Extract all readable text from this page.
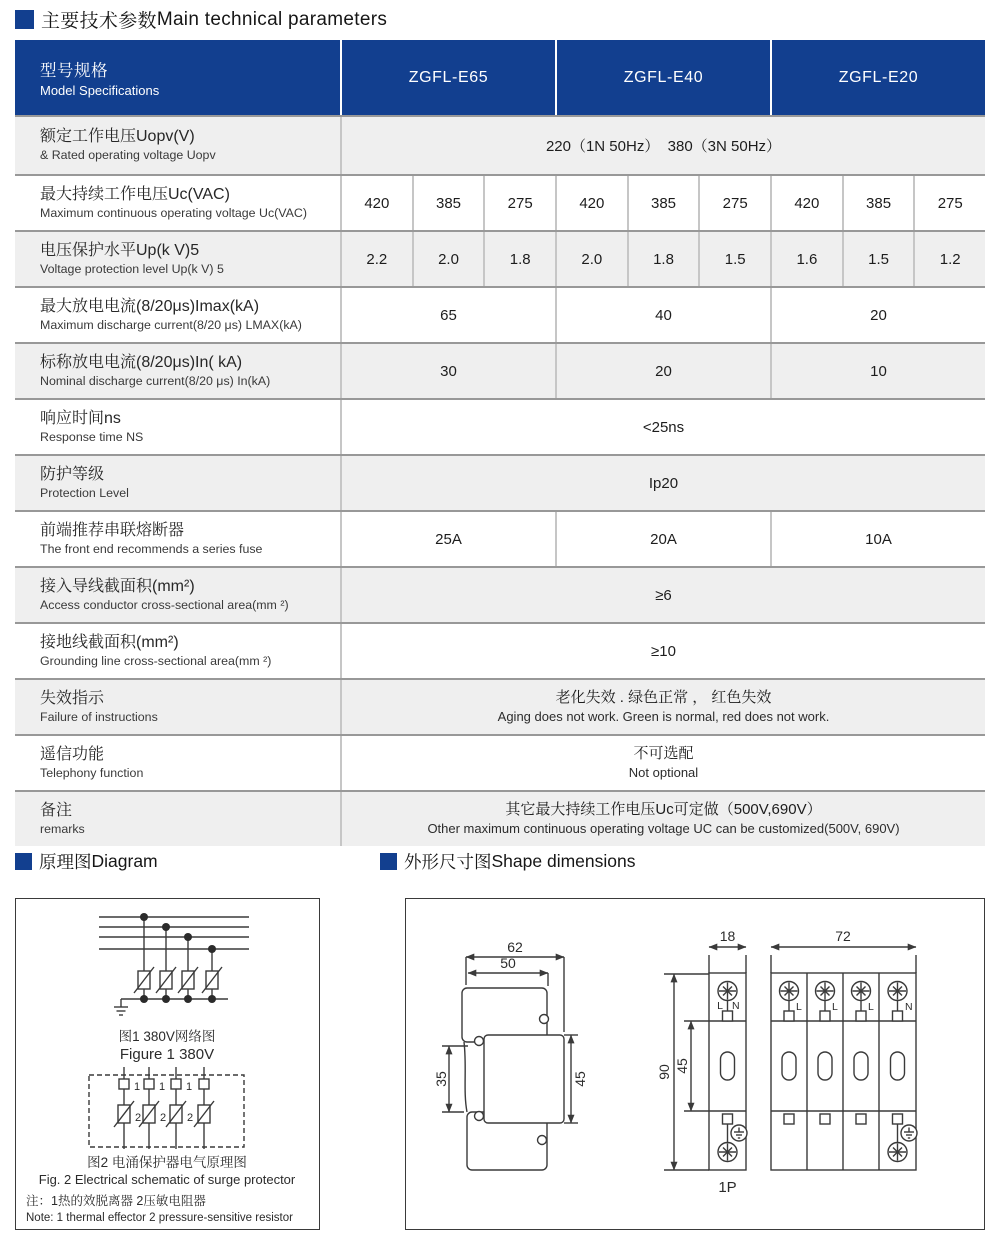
主要技术参数 Main technical parameters
型号规格
Model Specifications
ZGFL-E65	ZGFL-E40	ZGFL-E20
额定工作电压Uopv(V)
& Rated operating voltage Uopv
220（1N 50Hz）  380（3N 50Hz）
最大持续工作电压Uc(VAC)
Maximum continuous operating voltage Uc(VAC)
420	385	275	420	385	275	420	385	275
电压保护水平Up(k V)5
Voltage protection level Up(k V) 5
2.2	2.0	1.8	2.0	1.8	1.5	1.6	1.5	1.2
最大放电电流(8/20μs)Imax(kA)
Maximum discharge current(8/20 μs) LMAX(kA)
65	40	20
标称放电电流(8/20μs)In( kA)
Nominal discharge current(8/20 μs) In(kA)
30	20	10
响应时间ns
Response time NS
<25ns
防护等级
Protection Level
Ip20
前端推荐串联熔断器
The front end recommends a series fuse
25A	20A	10A
接入导线截面积(mm²)
Access conductor cross-sectional area(mm ²)
≥6
接地线截面积(mm²)
Grounding line cross-sectional area(mm ²)
≥10
失效指示
Failure of instructions
老化失效 . 绿色正常 ， 红色失效
Aging does not work. Green is normal, red does not work.
遥信功能
Telephony function
不可选配
Not optional
备注
remarks
其它最大持续工作电压Uc可定做（500V,690V）
Other maximum continuous operating voltage UC can be customized(500V, 690V)
原理图 Diagram	外形尺寸图 Shape dimensions
1 1 1
2 2 2
图1 380V网络图
Figure 1 380V
图2 电涌保护器电气原理图
Fig. 2 Electrical schematic of surge protector
注：1热的效脱离器 2压敏电阻器
Note: 1 thermal effector 2 pressure-sensitive resistor
62
50
35	45
18	72
90 45
L N	L	L	L	N
1P
